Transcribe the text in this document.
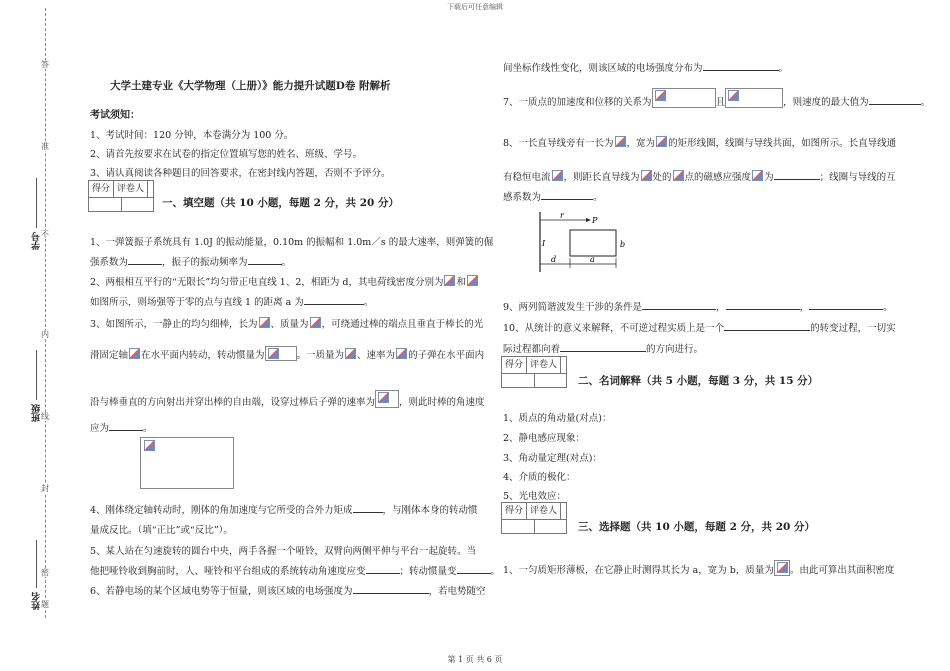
下载后可任意编辑
第 1 页 共 6 页
答
准
不
内
线
封
密
题
学号
班级
姓名
大学土建专业《大学物理（上册）》能力提升试题D卷 附解析
考试须知：
1、考试时间：120 分钟，本卷满分为 100 分。
2、请首先按要求在试卷的指定位置填写您的姓名、班级、学号。
3、请认真阅读各种题目的回答要求，在密封线内答题，否则不予评分。
得分 评卷人
一、填空题（共 10 小题，每题 2 分，共 20 分）
1、一弹簧振子系统具有 1.0J 的振动能量，0.10m 的振幅和 1.0m／s 的最大速率，则弹簧的倔
强系数为	，振子的振动频率为	。
2、两根相互平行的“无限长”均匀带正电直线 1、2，相距为 d，其电荷线密度分别为 和
如图所示，则场强等于零的点与直线 1 的距离 a 为	。
3、如图所示，一静止的均匀细棒，长为 、质量为 ，可绕通过棒的端点且垂直于棒长的光
滑固定轴 在水平面内转动，转动惯量为	。一质量为 、速率为 的子弹在水平面内
沿与棒垂直的方向射出并穿出棒的自由端，设穿过棒后子弹的速率为	，则此时棒的角速度
应为	。
4、刚体绕定轴转动时，刚体的角加速度与它所受的合外力矩成	，与刚体本身的转动惯
量成反比。（填“正比”或“反比”）。
5、某人站在匀速旋转的圆台中央，两手各握一个哑铃，双臂向两侧平伸与平台一起旋转。当
他把哑铃收到胸前时，人、哑铃和平台组成的系统转动角速度应变	；转动惯量变	。
6、若静电场的某个区域电势等于恒量，则该区域的电场强度为	，若电势随空
间坐标作线性变化，则该区域的电场强度分布为	。
7、一质点的加速度和位移的关系为	且	，则速度的最大值为	。
8、一长直导线旁有一长为 ，宽为 的矩形线圈，线圈与导线共面，如图所示。长直导线通
有稳恒电流 ，则距长直导线为 处的 点的磁感应强度 为	；线圈与导线的互
感系数为	。
r
P
I	b
d	a
9、两列简谐波发生干涉的条件是	，	，	。
10、从统计的意义来解释，不可逆过程实质上是一个	的转变过程，一切实
际过程都向着	的方向进行。
得分 评卷人
二、名词解释（共 5 小题，每题 3 分，共 15 分）
1、质点的角动量(对点)：
2、静电感应现象：
3、角动量定理(对点)：
4、介质的极化：
5、光电效应：
得分 评卷人
三、选择题（共 10 小题，每题 2 分，共 20 分）
1、一匀质矩形薄板，在它静止时测得其长为 a，宽为 b，质量为 。由此可算出其面积密度
